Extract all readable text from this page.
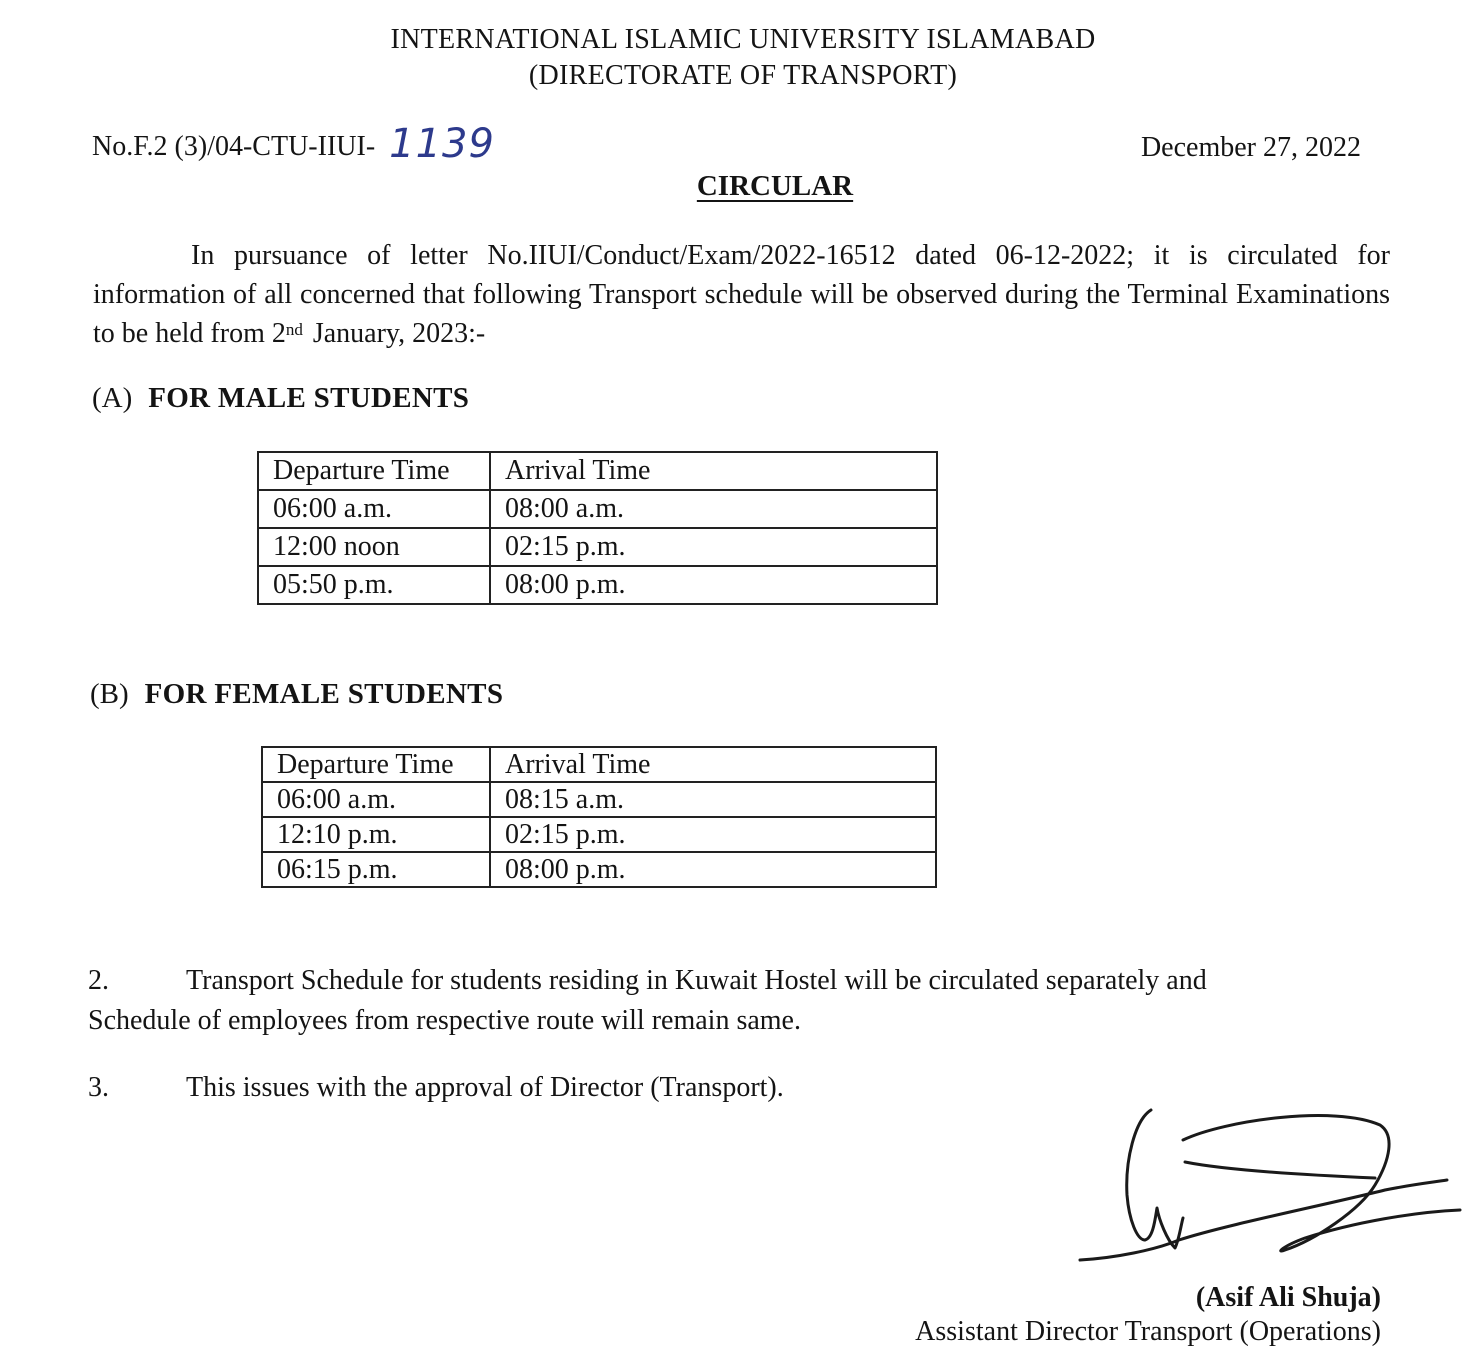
INTERNATIONAL ISLAMIC UNIVERSITY ISLAMABAD
(DIRECTORATE OF TRANSPORT)
No.F.2 (3)/04-CTU-IIUI- 1139	December 27, 2022
CIRCULAR
In pursuance of letter No.IIUI/Conduct/Exam/2022-16512 dated 06-12-2022; it is circulated for information of all concerned that following Transport schedule will be observed during the Terminal Examinations to be held from 2nd January, 2023:-
(A) FOR MALE STUDENTS
Departure Time	Arrival Time
06:00 a.m.	08:00 a.m.
12:00 noon	02:15 p.m.
05:50 p.m.	08:00 p.m.
(B) FOR FEMALE STUDENTS
Departure Time	Arrival Time
06:00 a.m.	08:15 a.m.
12:10 p.m.	02:15 p.m.
06:15 p.m.	08:00 p.m.
2.	Transport Schedule for students residing in Kuwait Hostel will be circulated separately and Schedule of employees from respective route will remain same.
3.	This issues with the approval of Director (Transport).
(Asif Ali Shuja)
Assistant Director Transport (Operations)
